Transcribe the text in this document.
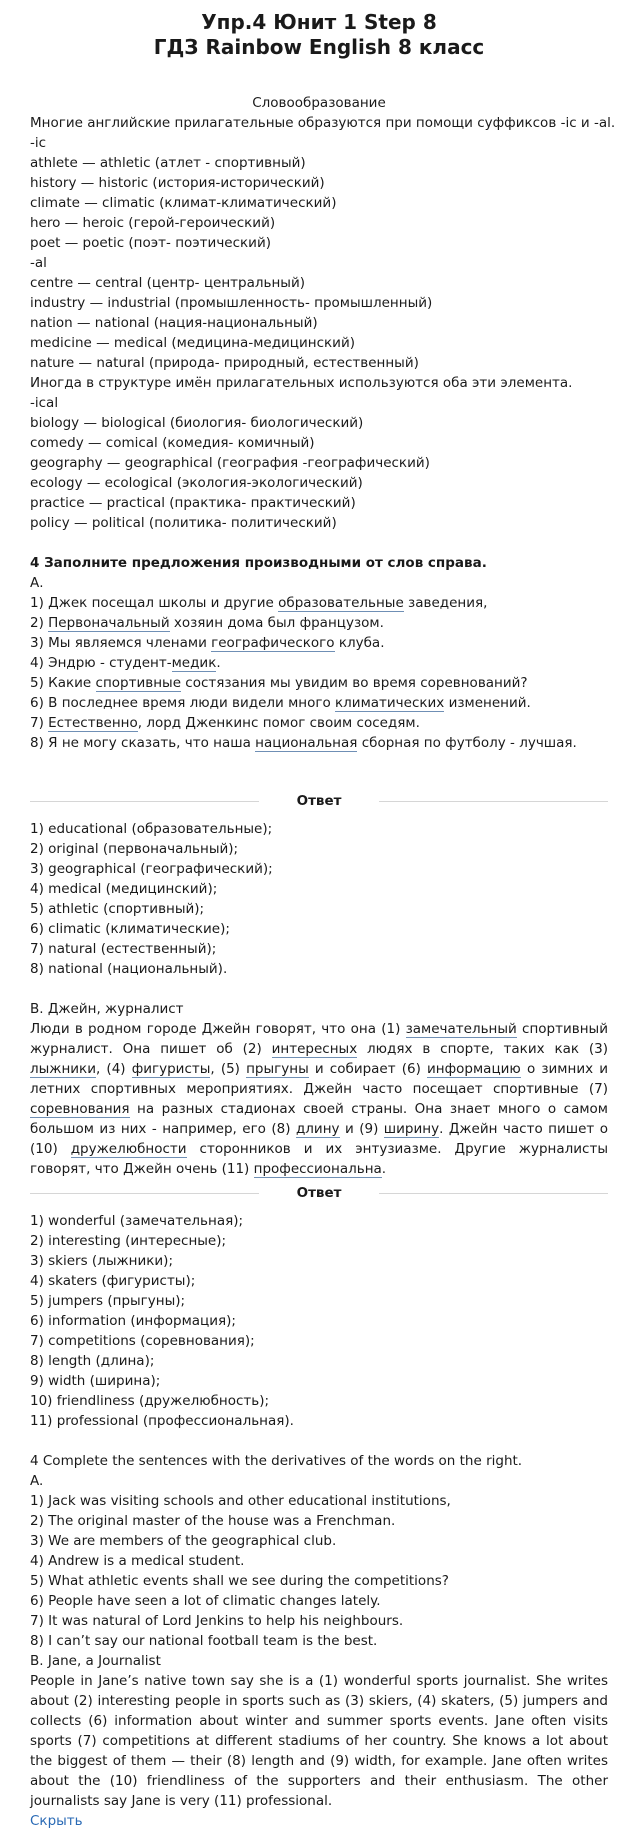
Упр.4 Юнит 1 Step 8
ГДЗ Rainbow English 8 класс
Словообразование
Многие английские прилагательные образуются при помощи суффиксов -ic и -al.
-ic
athlete — athletic (атлет - спортивный)
history — historic (история-исторический)
climate — climatic (климат-климатический)
hero — heroic (герой-героический)
poet — poetic (поэт- поэтический)
-al
centre — central (центр- центральный)
industry — industrial (промышленность- промышленный)
nation — national (нация-национальный)
medicine — medical (медицина-медицинский)
nature — natural (природа- природный, естественный)
Иногда в структуре имён прилагательных используются оба эти элемента.
-ical
biology — biological (биология- биологический)
comedy — comical (комедия- комичный)
geography — geographical (география -географический)
ecology — ecological (экология-экологический)
practice — practical (практика- практический)
policy — political (политика- политический)
4 Заполните предложения производными от слов справа.
А.
1) Джек посещал школы и другие образовательные заведения,
2) Первоначальный хозяин дома был французом.
3) Мы являемся членами географического клуба.
4) Эндрю - студент-медик.
5) Какие спортивные состязания мы увидим во время соревнований?
6) В последнее время люди видели много климатических изменений.
7) Естественно, лорд Дженкинс помог своим соседям.
8) Я не могу сказать, что наша национальная сборная по футболу - лучшая.
Ответ
1) educational (образовательные);
2) original (первоначальный);
3) geographical (географический);
4) medical (медицинский);
5) athletic (спортивный);
6) climatic (климатические);
7) natural (естественный);
8) national (национальный).
B. Джейн, журналист
Люди в родном городе Джейн говорят, что она (1) замечательный спортивный журналист. Она пишет об (2) интересных людях в спорте, таких как (3) лыжники, (4) фигуристы, (5) прыгуны и собирает (6) информацию о зимних и летних спортивных мероприятиях. Джейн часто посещает спортивные (7) соревнования на разных стадионах своей страны. Она знает много о самом большом из них - например, его (8) длину и (9) ширину. Джейн часто пишет о (10) дружелюбности сторонников и их энтузиазме. Другие журналисты говорят, что Джейн очень (11) профессиональна.
Ответ
1) wonderful (замечательная);
2) interesting (интересные);
3) skiers (лыжники);
4) skaters (фигуристы);
5) jumpers (прыгуны);
6) information (информация);
7) competitions (соревнования);
8) length (длина);
9) width (ширина);
10) friendliness (дружелюбность);
11) professional (профессиональная).
4 Complete the sentences with the derivatives of the words on the right.
A.
1) Jack was visiting schools and other educational institutions,
2) The original master of the house was a Frenchman.
3) We are members of the geographical club.
4) Andrew is a medical student.
5) What athletic events shall we see during the competitions?
6) People have seen a lot of climatic changes lately.
7) It was natural of Lord Jenkins to help his neighbours.
8) I can’t say our national football team is the best.
B. Jane, a Journalist
People in Jane’s native town say she is a (1) wonderful sports journalist. She writes about (2) interesting people in sports such as (3) skiers, (4) skaters, (5) jumpers and collects (6) information about winter and summer sports events. Jane often visits sports (7) competitions at different stadiums of her country. She knows a lot about the biggest of them — their (8) length and (9) width, for example. Jane often writes about the (10) friendliness of the supporters and their enthusiasm. The other journalists say Jane is very (11) professional.
Скрыть
